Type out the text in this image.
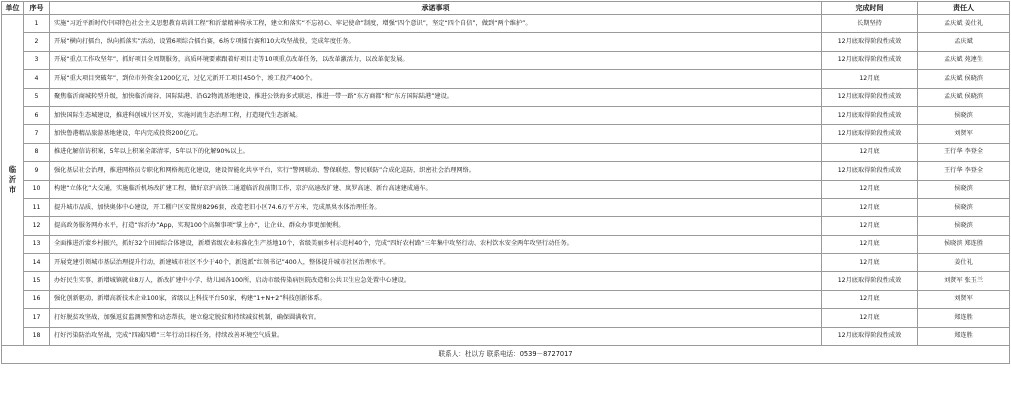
单位	序号	承诺事项	完成时间	责任人

临
沂
市	1	实施“习近平新时代中国特色社会主义思想教育培训工程”和沂蒙精神传承工程，建立和落实“不忘初心、牢记使命”制度，增强“四个意识”，坚定“四个自信”，做到“两个维护”。	长期坚持	孟庆斌 姜仕礼
	2	开展“横向打擂台，纵向抓落实”活动，设置6项综合擂台赛，6场专项擂台赛和10大攻坚战役，完成年度任务。	12月底取得阶段性成效	孟庆斌
	3	开展“重点工作攻坚年”，抓好项目全周期服务，高质环境要素跟着好项目走等10项重点改革任务，以改革激活力，以改革促发展。	12月底取得阶段性成效	孟庆斌 苑連生
	4	开展“重大项目突破年”，到位市外资金1200亿元，过亿元新开工项目450个，竣工投产400个。	12月底	孟庆斌 侯晓滨
	5	聚焦临沂商城转型升级，加快临沂商谷、国际陆港、沿G2物流基地建设，推进公铁海多式联运，推进一带一路“东方商都”和“东方国际陆港”建设。	12月底取得阶段性成效	孟庆斌 侯晓滨
	6	加快国际生态城建设，推进科创城片区开发，实施河流生态治理工程，打造现代生态新城。	12月底取得阶段性成效	侯晓滨
	7	加快鲁港精品旅游基地建设，年内完成投资200亿元。	12月底取得阶段性成效	刘贤军
	8	推进化解信访积案，5年以上积案全部清零，5年以下的化解90%以上。	12月底	王行华 李登全
	9	强化基层社会治理，推进网格员专职化和网格规范化建设，建设智能化共享平台，实行“警网联动、警保联控、警民联防”合成化巡防，织密社会治理网络。	12月底取得阶段性成效	王行华 李登全
	10	构建“立体化”大交通，实施临沂机场改扩建工程，做好京沪高铁二通道临沂段前期工作，京沪高速改扩建、岚罗高速、新台高速建成通车。	12月底	侯晓滨
	11	提升城市品质，加快奥体中心建设，开工棚户区安置房8296套，改造老旧小区74.6万平方米，完成黑臭水体治理任务。	12月底	侯晓滨
	12	提高政务服务网办水平，打造“容沂办”App，实现100个高频事项“掌上办”，让企业、群众办事更加便利。	12月底	侯晓滨
	13	全面推进沂蒙乡村振兴，抓好32个田园综合体建设，新增省级农业标准化生产基地10个，省级美丽乡村示范村40个，完成“四好农村路”三年集中攻坚行动、农村饮水安全两年攻坚行动任务。	12月底	侯晓滨 郑连胜
	14	开展党建引领城市基层治理提升行动，新建城市社区不少于40个，新选派“红领书记”400人，整体提升城市社区治理水平。	12月底	姜仕礼
	15	办好民生实事，新增城镇就业8万人，新改扩建中小学、幼儿园各100所，启动市级传染病医院改造和公共卫生应急处置中心建设。	12月底取得阶段性成效	刘贤军 张玉兰
	16	强化创新驱动，新增高新技术企业100家，省级以上科技平台50家，构建“1+N+2”科技创新体系。	12月底	刘贤军
	17	打好脱贫攻坚战，加强返贫监测预警和动态帮扶，建立稳定脱贫和持续减贫机制，确保圆满收官。	12月底	郑连胜
	18	打好污染防治攻坚战，完成“四减四增”三年行动目标任务，持续改善环境空气质量。	12月底取得阶段性成效	郑连胜
联系人：杜以方 联系电话：0539－8727017				
